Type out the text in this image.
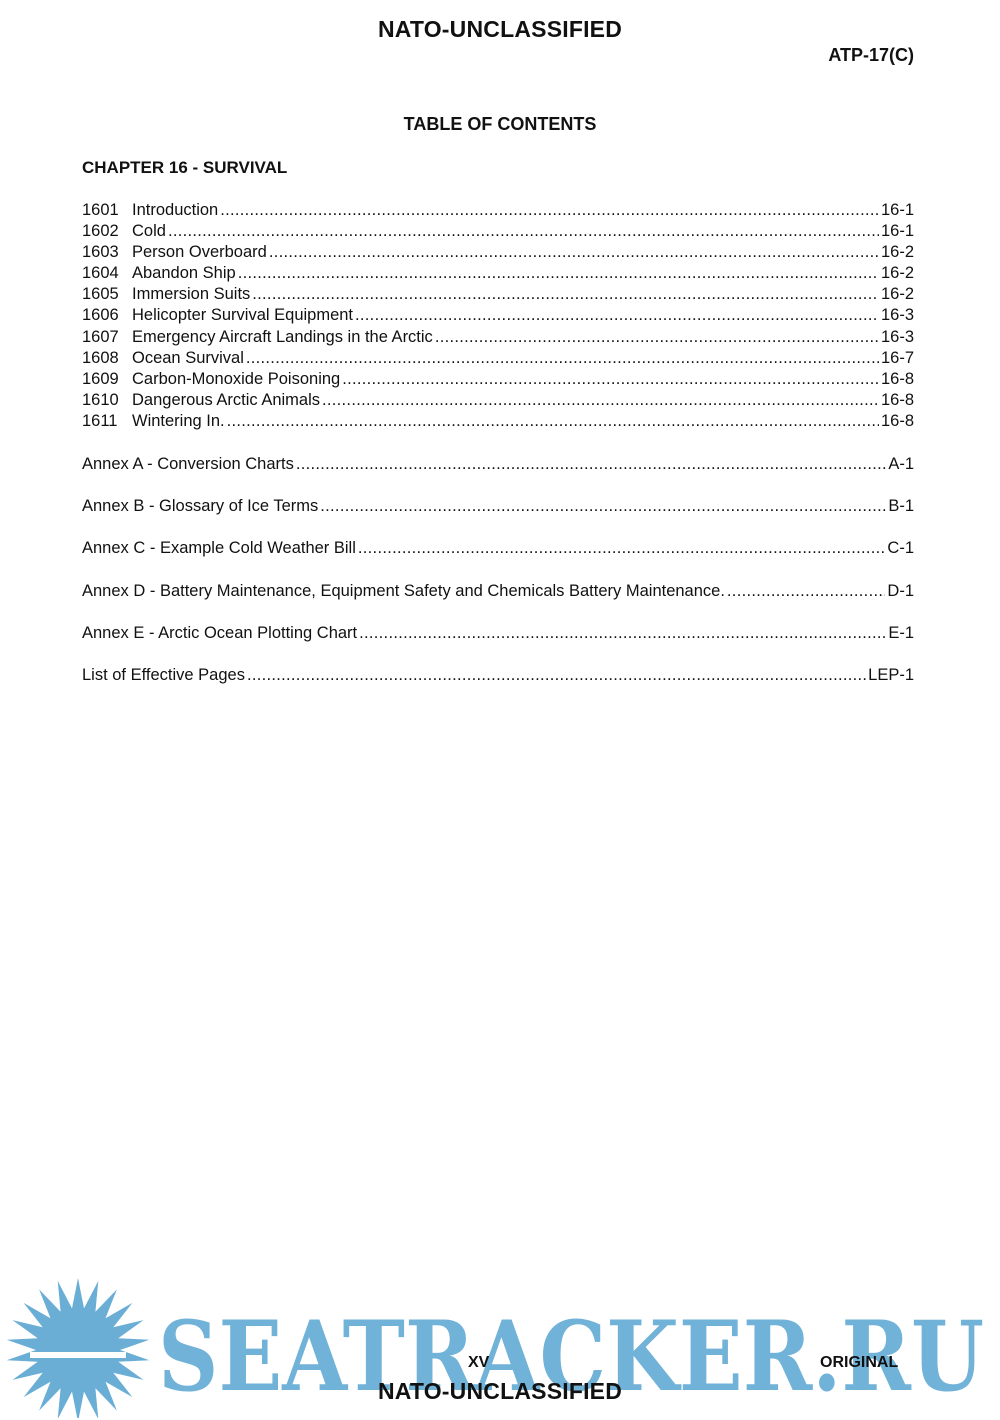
NATO-UNCLASSIFIED
ATP-17(C)
TABLE OF CONTENTS
CHAPTER 16 - SURVIVAL
1601 Introduction .....	16-1
1602 Cold .....	16-1
1603 Person Overboard .....	16-2
1604 Abandon Ship .....	16-2
1605 Immersion Suits .....	16-2
1606 Helicopter Survival Equipment .....	16-3
1607 Emergency Aircraft Landings in the Arctic .....	16-3
1608 Ocean Survival .....	16-7
1609 Carbon-Monoxide Poisoning .....	16-8
1610 Dangerous Arctic Animals .....	16-8
1611 Wintering In. .....	16-8
Annex A - Conversion Charts .....	A-1
Annex B - Glossary of Ice Terms .....	B-1
Annex C - Example Cold Weather Bill .....	C-1
Annex D - Battery Maintenance, Equipment Safety and Chemicals Battery Maintenance. .....	D-1
Annex E - Arctic Ocean Plotting Chart .....	E-1
List of Effective Pages .....	LEP-1
SEATRACKER.RU
XV	ORIGINAL
NATO-UNCLASSIFIED
